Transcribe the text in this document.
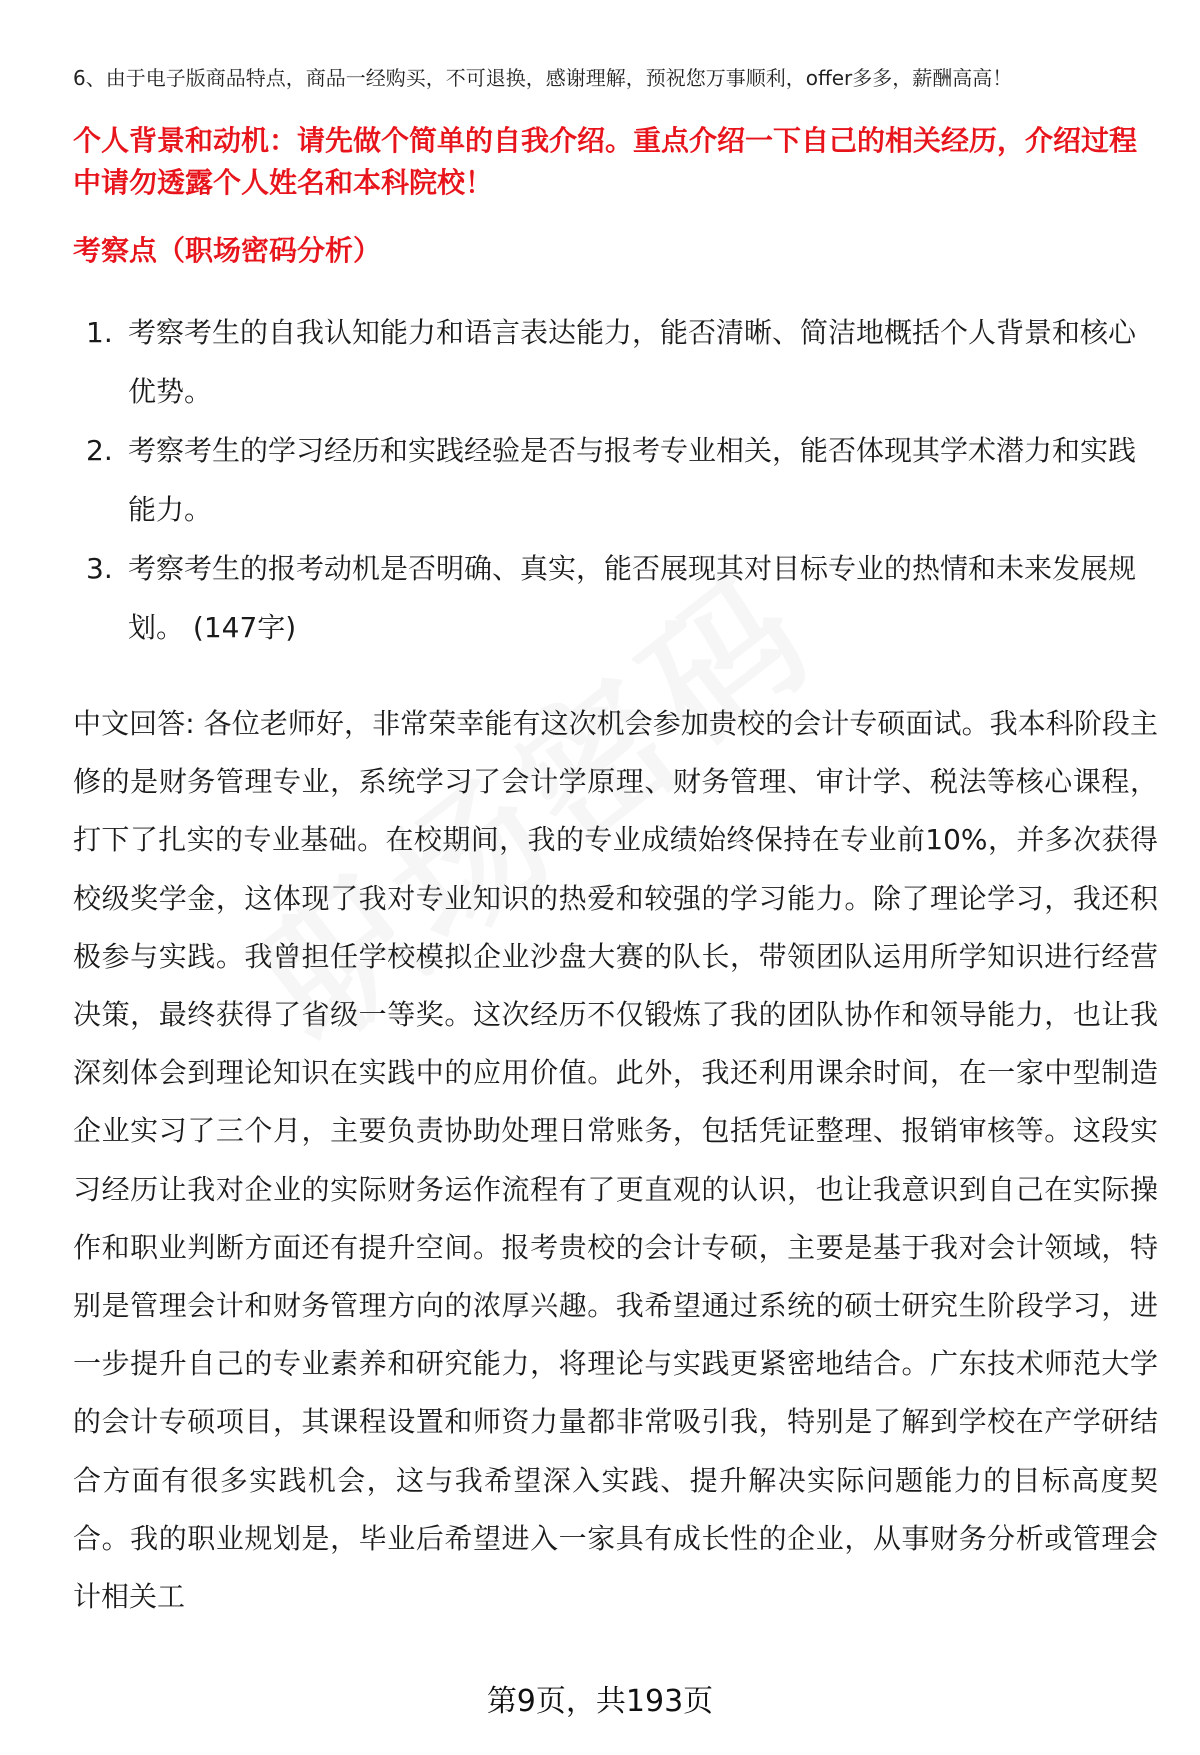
6、由于电子版商品特点，商品一经购买，不可退换，感谢理解，预祝您万事顺利，offer多多，薪酬高高！
个人背景和动机：请先做个简单的自我介绍。重点介绍一下自己的相关经历，介绍过程中请勿透露个人姓名和本科院校！
考察点（职场密码分析）
1. 考察考生的自我认知能力和语言表达能力，能否清晰、简洁地概括个人背景和核心优势。
2. 考察考生的学习经历和实践经验是否与报考专业相关，能否体现其学术潜力和实践能力。
3. 考察考生的报考动机是否明确、真实，能否展现其对目标专业的热情和未来发展规划。 (147字)
中文回答: 各位老师好，非常荣幸能有这次机会参加贵校的会计专硕面试。我本科阶段主修的是财务管理专业，系统学习了会计学原理、财务管理、审计学、税法等核心课程，打下了扎实的专业基础。在校期间，我的专业成绩始终保持在专业前10%，并多次获得校级奖学金，这体现了我对专业知识的热爱和较强的学习能力。除了理论学习，我还积极参与实践。我曾担任学校模拟企业沙盘大赛的队长，带领团队运用所学知识进行经营决策，最终获得了省级一等奖。这次经历不仅锻炼了我的团队协作和领导能力，也让我深刻体会到理论知识在实践中的应用价值。此外，我还利用课余时间，在一家中型制造企业实习了三个月，主要负责协助处理日常账务，包括凭证整理、报销审核等。这段实习经历让我对企业的实际财务运作流程有了更直观的认识，也让我意识到自己在实际操作和职业判断方面还有提升空间。报考贵校的会计专硕，主要是基于我对会计领域，特别是管理会计和财务管理方向的浓厚兴趣。我希望通过系统的硕士研究生阶段学习，进一步提升自己的专业素养和研究能力，将理论与实践更紧密地结合。广东技术师范大学的会计专硕项目，其课程设置和师资力量都非常吸引我，特别是了解到学校在产学研结合方面有很多实践机会，这与我希望深入实践、提升解决实际问题能力的目标高度契合。我的职业规划是，毕业后希望进入一家具有成长性的企业，从事财务分析或管理会计相关工
第9页，共193页
